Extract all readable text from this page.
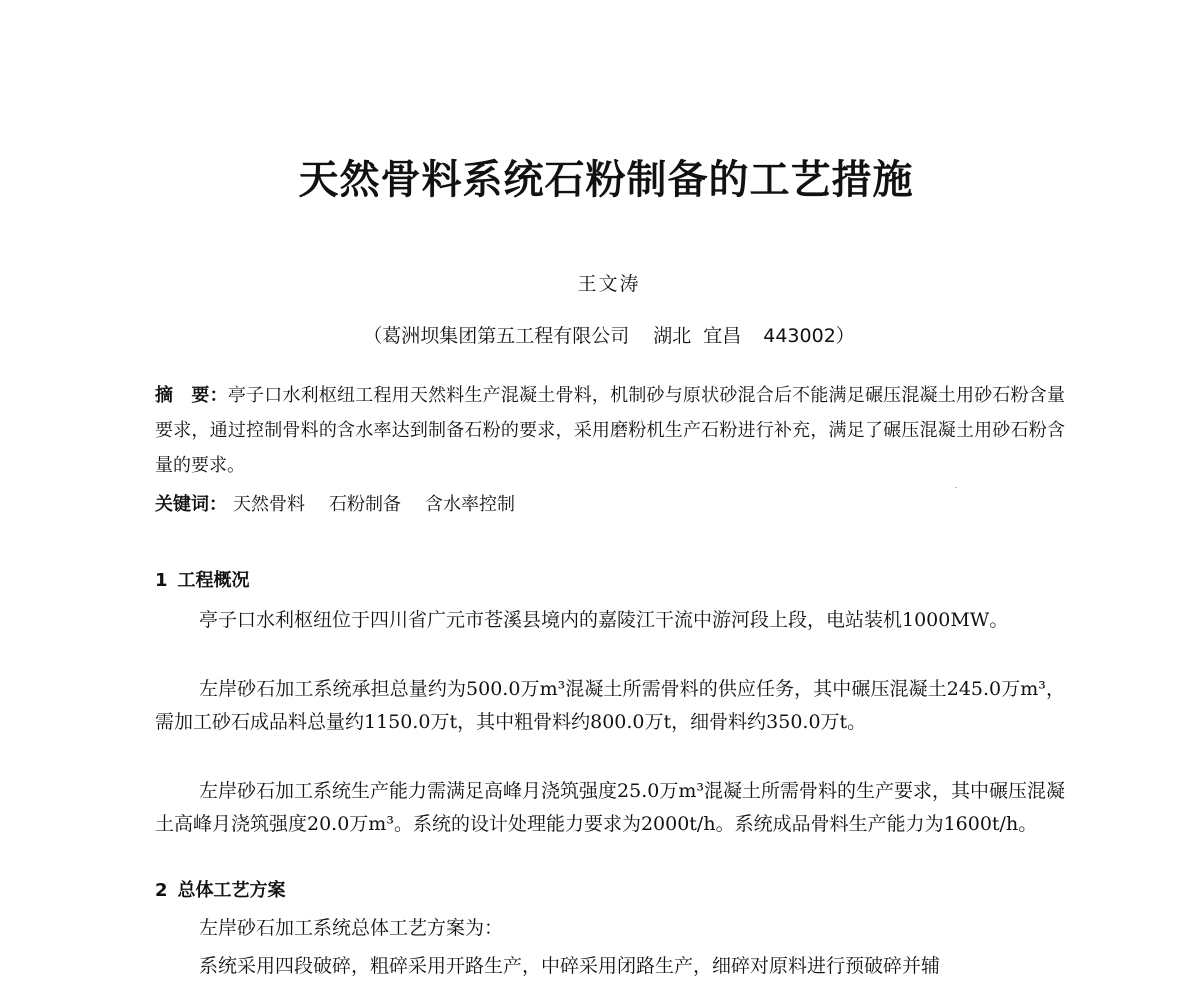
天然骨料系统石粉制备的工艺措施
王文涛
（葛洲坝集团第五工程有限公司 湖北 宜昌 443002）

摘　要：亭子口水利枢纽工程用天然料生产混凝土骨料，机制砂与原状砂混合后不能满足碾压混凝土用砂石粉含量要求，通过控制骨料的含水率达到制备石粉的要求，采用磨粉机生产石粉进行补充，满足了碾压混凝土用砂石粉含量的要求。

关键词： 天然骨料 石粉制备 含水率控制

1 工程概况

亭子口水利枢纽位于四川省广元市苍溪县境内的嘉陵江干流中游河段上段，电站装机1000MW。

左岸砂石加工系统承担总量约为500.0万m³混凝土所需骨料的供应任务，其中碾压混凝土245.0万m³，需加工砂石成品料总量约1150.0万t，其中粗骨料约800.0万t，细骨料约350.0万t。

左岸砂石加工系统生产能力需满足高峰月浇筑强度25.0万m³混凝土所需骨料的生产要求，其中碾压混凝土高峰月浇筑强度20.0万m³。系统的设计处理能力要求为2000t/h。系统成品骨料生产能力为1600t/h。

2 总体工艺方案

左岸砂石加工系统总体工艺方案为：

系统采用四段破碎，粗碎采用开路生产，中碎采用闭路生产，细碎对原料进行预破碎并辅
